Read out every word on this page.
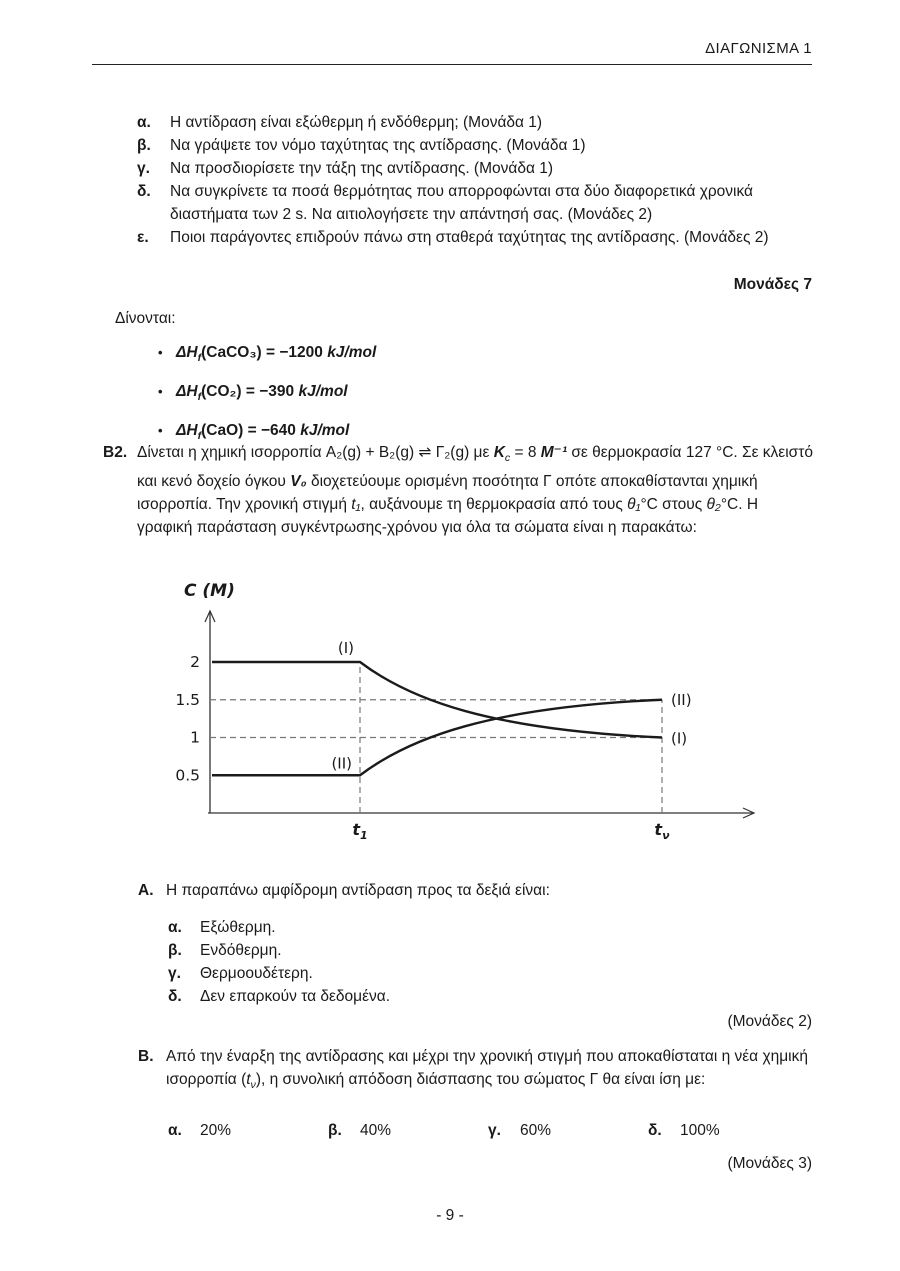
ΔΙΑΓΩΝΙΣΜΑ 1
α.	Η αντίδραση είναι εξώθερμη ή ενδόθερμη; (Μονάδα 1)
β.	Να γράψετε τον νόμο ταχύτητας της αντίδρασης. (Μονάδα 1)
γ.	Να προσδιορίσετε την τάξη της αντίδρασης. (Μονάδα 1)
δ.	Να συγκρίνετε τα ποσά θερμότητας που απορροφώνται στα δύο διαφορετικά χρονικά διαστήματα των 2 s. Να αιτιολογήσετε την απάντησή σας. (Μονάδες 2)
ε.	Ποιοι παράγοντες επιδρούν πάνω στη σταθερά ταχύτητας της αντίδρασης. (Μονάδες 2)
Μονάδες 7
Δίνονται:
• $\Delta H_f(CaCO_3) = -1200$ kJ/mol
• $\Delta H_f(CO_2) = -390$ kJ/mol
• $\Delta H_f(CaO) = -640$ kJ/mol
B2. Δίνεται η χημική ισορροπία A₂(g) + B₂(g) ⇌ Γ₂(g) με $K_c = 8$ M⁻¹ σε θερμοκρασία 127 °C. Σε κλειστό και κενό δοχείο όγκου V₀ διοχετεύουμε ορισμένη ποσότητα Γ οπότε αποκαθίστανται χημική ισορροπία. Την χρονική στιγμή t₁, αυξάνουμε τη θερμοκρασία από τους θ₁°C στους θ₂°C. Η γραφική παράσταση συγκέντρωσης-χρόνου για όλα τα σώματα είναι η παρακάτω:
2
1.5
1
0.5
$t_1$	$t_\nu$
(I)
(II)
(II)
(I)
C (M)
A. Η παραπάνω αμφίδρομη αντίδραση προς τα δεξιά είναι:
α.	Εξώθερμη.
β.	Ενδόθερμη.
γ.	Θερμοουδέτερη.
δ.	Δεν επαρκούν τα δεδομένα.
(Μονάδες 2)
B. Από την έναρξη της αντίδρασης και μέχρι την χρονική στιγμή που αποκαθίσταται η νέα χημική ισορροπία $(t_\nu)$, η συνολική απόδοση διάσπασης του σώματος Γ θα είναι ίση με:
α.	20%	β.	40%	γ.	60%	δ.	100%
(Μονάδες 3)
- 9 -
